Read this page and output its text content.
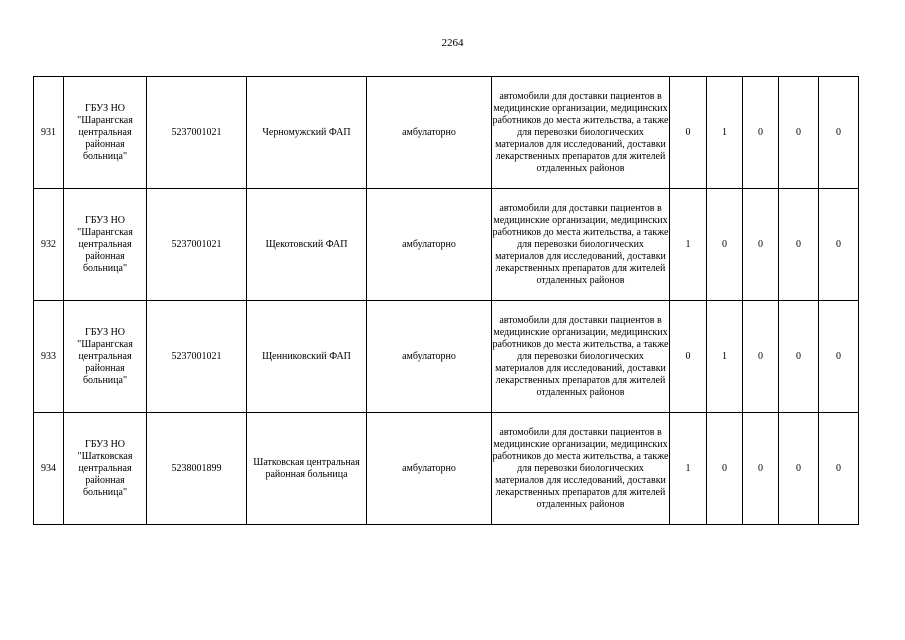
2264
931	ГБУЗ НО "Шарангская центральная районная больница"	5237001021	Черномужский ФАП	амбулаторно	автомобили для доставки пациентов в медицинские организации, медицинских работников до места жительства, а также для перевозки биологических материалов для исследований, доставки лекарственных препаратов для жителей отдаленных районов	0	1	0	0	0
932	ГБУЗ НО "Шарангская центральная районная больница"	5237001021	Щекотовский ФАП	амбулаторно	автомобили для доставки пациентов в медицинские организации, медицинских работников до места жительства, а также для перевозки биологических материалов для исследований, доставки лекарственных препаратов для жителей отдаленных районов	1	0	0	0	0
933	ГБУЗ НО "Шарангская центральная районная больница"	5237001021	Щенниковский ФАП	амбулаторно	автомобили для доставки пациентов в медицинские организации, медицинских работников до места жительства, а также для перевозки биологических материалов для исследований, доставки лекарственных препаратов для жителей отдаленных районов	0	1	0	0	0
934	ГБУЗ НО "Шатковская центральная районная больница"	5238001899	Шатковская центральная районная больница	амбулаторно	автомобили для доставки пациентов в медицинские организации, медицинских работников до места жительства, а также для перевозки биологических материалов для исследований, доставки лекарственных препаратов для жителей отдаленных районов	1	0	0	0	0
